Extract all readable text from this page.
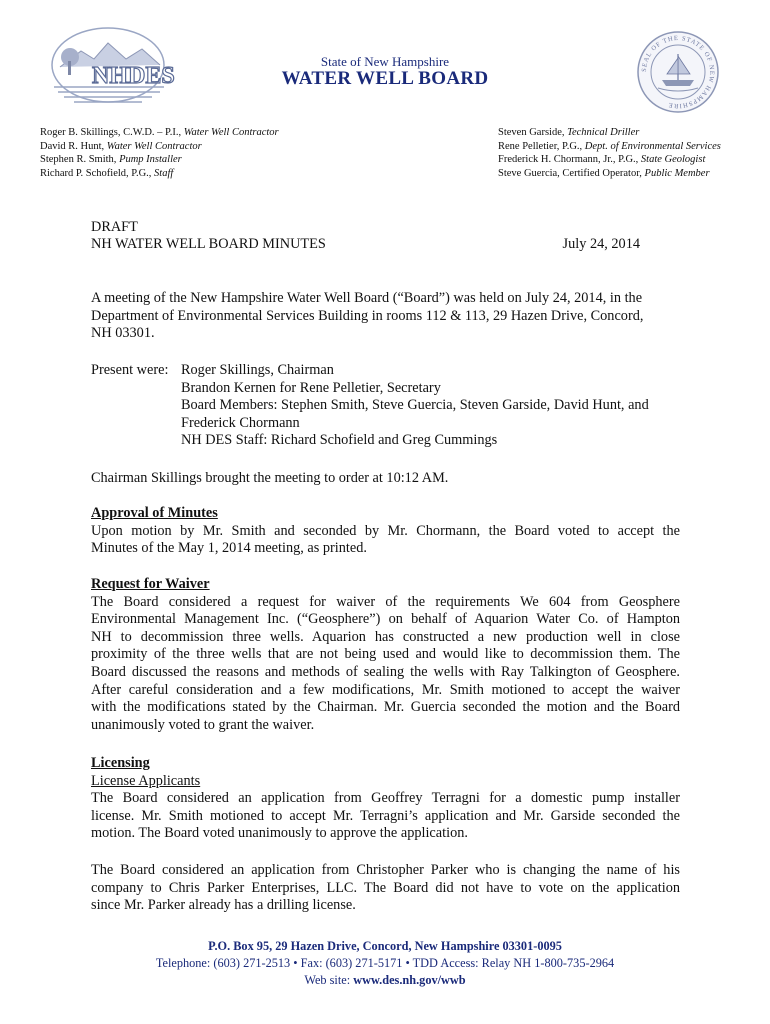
NHDES	SEAL OF THE STATE OF NEW HAMPSHIRE
State of New Hampshire
WATER WELL BOARD
Roger B. Skillings, C.W.D. – P.I., Water Well Contractor
David R. Hunt, Water Well Contractor
Stephen R. Smith, Pump Installer
Richard P. Schofield, P.G., Staff
Steven Garside, Technical Driller
Rene Pelletier, P.G., Dept. of Environmental Services
Frederick H. Chormann, Jr., P.G., State Geologist
Steve Guercia, Certified Operator, Public Member
DRAFT
NH WATER WELL BOARD MINUTES	July 24, 2014
A meeting of the New Hampshire Water Well Board (“Board”) was held on July 24, 2014, in the
Department of Environmental Services Building in rooms 112 & 113, 29 Hazen Drive, Concord,
NH 03301.
Present were: Roger Skillings, Chairman
Brandon Kernen for Rene Pelletier, Secretary
Board Members: Stephen Smith, Steve Guercia, Steven Garside, David Hunt, and
Frederick Chormann
NH DES Staff: Richard Schofield and Greg Cummings
Chairman Skillings brought the meeting to order at 10:12 AM.
Approval of Minutes
Upon motion by Mr. Smith and seconded by Mr. Chormann, the Board voted to accept the
Minutes of the May 1, 2014 meeting, as printed.
Request for Waiver
The Board considered a request for waiver of the requirements We 604 from Geosphere
Environmental Management Inc. (“Geosphere”) on behalf of Aquarion Water Co. of Hampton
NH to decommission three wells. Aquarion has constructed a new production well in close
proximity of the three wells that are not being used and would like to decommission them. The
Board discussed the reasons and methods of sealing the wells with Ray Talkington of Geosphere.
After careful consideration and a few modifications, Mr. Smith motioned to accept the waiver
with the modifications stated by the Chairman. Mr. Guercia seconded the motion and the Board
unanimously voted to grant the waiver.
Licensing
License Applicants
The Board considered an application from Geoffrey Terragni for a domestic pump installer
license. Mr. Smith motioned to accept Mr. Terragni’s application and Mr. Garside seconded the
motion. The Board voted unanimously to approve the application.
The Board considered an application from Christopher Parker who is changing the name of his
company to Chris Parker Enterprises, LLC. The Board did not have to vote on the application
since Mr. Parker already has a drilling license.
P.O. Box 95, 29 Hazen Drive, Concord, New Hampshire 03301-0095
Telephone: (603) 271-2513 • Fax: (603) 271-5171 • TDD Access: Relay NH 1-800-735-2964
Web site: www.des.nh.gov/wwb
